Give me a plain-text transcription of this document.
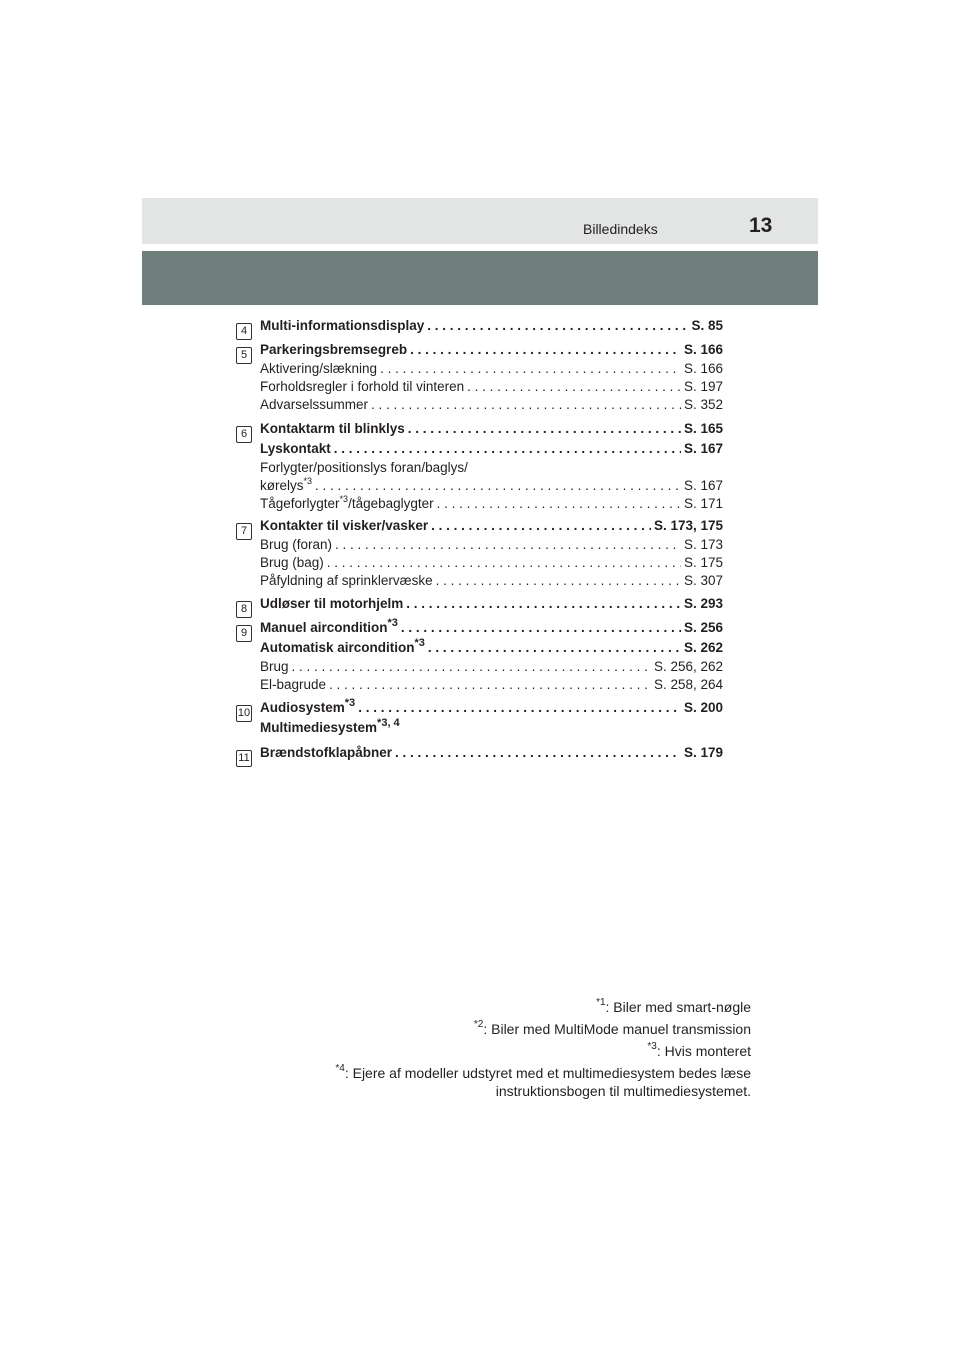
Billedindeks	13
4 Multi-informationsdisplay . . .	S. 85
5 Parkeringsbremsegreb . . .	S. 166
Aktivering/slækning . . .	S. 166
Forholdsregler i forhold til vinteren . . .	S. 197
Advarselssummer . . .	S. 352
6 Kontaktarm til blinklys . . .	S. 165
Lyskontakt . . .	S. 167
Forlygter/positionslys foran/baglys/
kørelys$^{*3}$ . . .	S. 167
Tågeforlygter$^{*3}$/tågebaglygter . . .	S. 171
7 Kontakter til visker/vasker . . .	S. 173, 175
Brug (foran) . . .	S. 173
Brug (bag) . . .	S. 175
Påfyldning af sprinklervæske . . .	S. 307
8 Udløser til motorhjelm . . .	S. 293
9 Manuel aircondition$^{*3}$ . . .	S. 256
Automatisk aircondition$^{*3}$ . . .	S. 262
Brug . . .	S. 256, 262
El-bagrude . . .	S. 258, 264
10 Audiosystem$^{*3}$ . . .	S. 200
Multimediesystem$^{*3, 4}$
11 Brændstofklapåbner . . .	S. 179
$^{*1}$: Biler med smart-nøgle
$^{*2}$: Biler med MultiMode manuel transmission
$^{*3}$: Hvis monteret
$^{*4}$: Ejere af modeller udstyret med et multimediesystem bedes læse
instruktionsbogen til multimediesystemet.
